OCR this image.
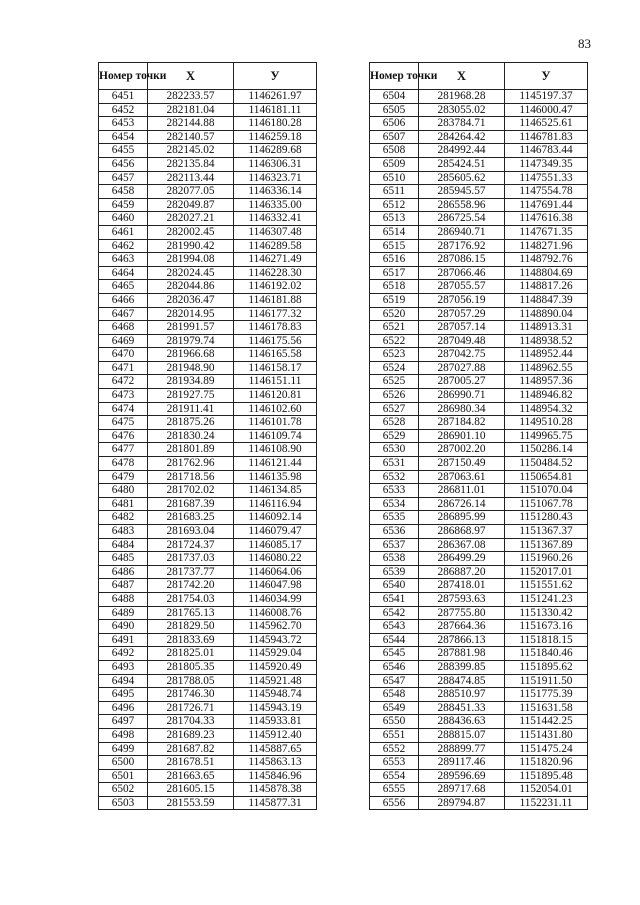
83
Номер точки	X	У
6451	282233.57	1146261.97
6452	282181.04	1146181.11
6453	282144.88	1146180.28
6454	282140.57	1146259.18
6455	282145.02	1146289.68
6456	282135.84	1146306.31
6457	282113.44	1146323.71
6458	282077.05	1146336.14
6459	282049.87	1146335.00
6460	282027.21	1146332.41
6461	282002.45	1146307.48
6462	281990.42	1146289.58
6463	281994.08	1146271.49
6464	282024.45	1146228.30
6465	282044.86	1146192.02
6466	282036.47	1146181.88
6467	282014.95	1146177.32
6468	281991.57	1146178.83
6469	281979.74	1146175.56
6470	281966.68	1146165.58
6471	281948.90	1146158.17
6472	281934.89	1146151.11
6473	281927.75	1146120.81
6474	281911.41	1146102.60
6475	281875.26	1146101.78
6476	281830.24	1146109.74
6477	281801.89	1146108.90
6478	281762.96	1146121.44
6479	281718.56	1146135.98
6480	281702.02	1146134.85
6481	281687.39	1146116.94
6482	281683.25	1146092.14
6483	281693.04	1146079.47
6484	281724.37	1146085.17
6485	281737.03	1146080.22
6486	281737.77	1146064.06
6487	281742.20	1146047.98
6488	281754.03	1146034.99
6489	281765.13	1146008.76
6490	281829.50	1145962.70
6491	281833.69	1145943.72
6492	281825.01	1145929.04
6493	281805.35	1145920.49
6494	281788.05	1145921.48
6495	281746.30	1145948.74
6496	281726.71	1145943.19
6497	281704.33	1145933.81
6498	281689.23	1145912.40
6499	281687.82	1145887.65
6500	281678.51	1145863.13
6501	281663.65	1145846.96
6502	281605.15	1145878.38
6503	281553.59	1145877.31
Номер точки	X	У
6504	281968.28	1145197.37
6505	283055.02	1146000.47
6506	283784.71	1146525.61
6507	284264.42	1146781.83
6508	284992.44	1146783.44
6509	285424.51	1147349.35
6510	285605.62	1147551.33
6511	285945.57	1147554.78
6512	286558.96	1147691.44
6513	286725.54	1147616.38
6514	286940.71	1147671.35
6515	287176.92	1148271.96
6516	287086.15	1148792.76
6517	287066.46	1148804.69
6518	287055.57	1148817.26
6519	287056.19	1148847.39
6520	287057.29	1148890.04
6521	287057.14	1148913.31
6522	287049.48	1148938.52
6523	287042.75	1148952.44
6524	287027.88	1148962.55
6525	287005.27	1148957.36
6526	286990.71	1148946.82
6527	286980.34	1148954.32
6528	287184.82	1149510.28
6529	286901.10	1149965.75
6530	287002.20	1150286.14
6531	287150.49	1150484.52
6532	287063.61	1150654.81
6533	286811.01	1151070.04
6534	286726.14	1151067.78
6535	286895.99	1151280.43
6536	286868.97	1151367.37
6537	286367.08	1151367.89
6538	286499.29	1151960.26
6539	286887.20	1152017.01
6540	287418.01	1151551.62
6541	287593.63	1151241.23
6542	287755.80	1151330.42
6543	287664.36	1151673.16
6544	287866.13	1151818.15
6545	287881.98	1151840.46
6546	288399.85	1151895.62
6547	288474.85	1151911.50
6548	288510.97	1151775.39
6549	288451.33	1151631.58
6550	288436.63	1151442.25
6551	288815.07	1151431.80
6552	288899.77	1151475.24
6553	289117.46	1151820.96
6554	289596.69	1151895.48
6555	289717.68	1152054.01
6556	289794.87	1152231.11
